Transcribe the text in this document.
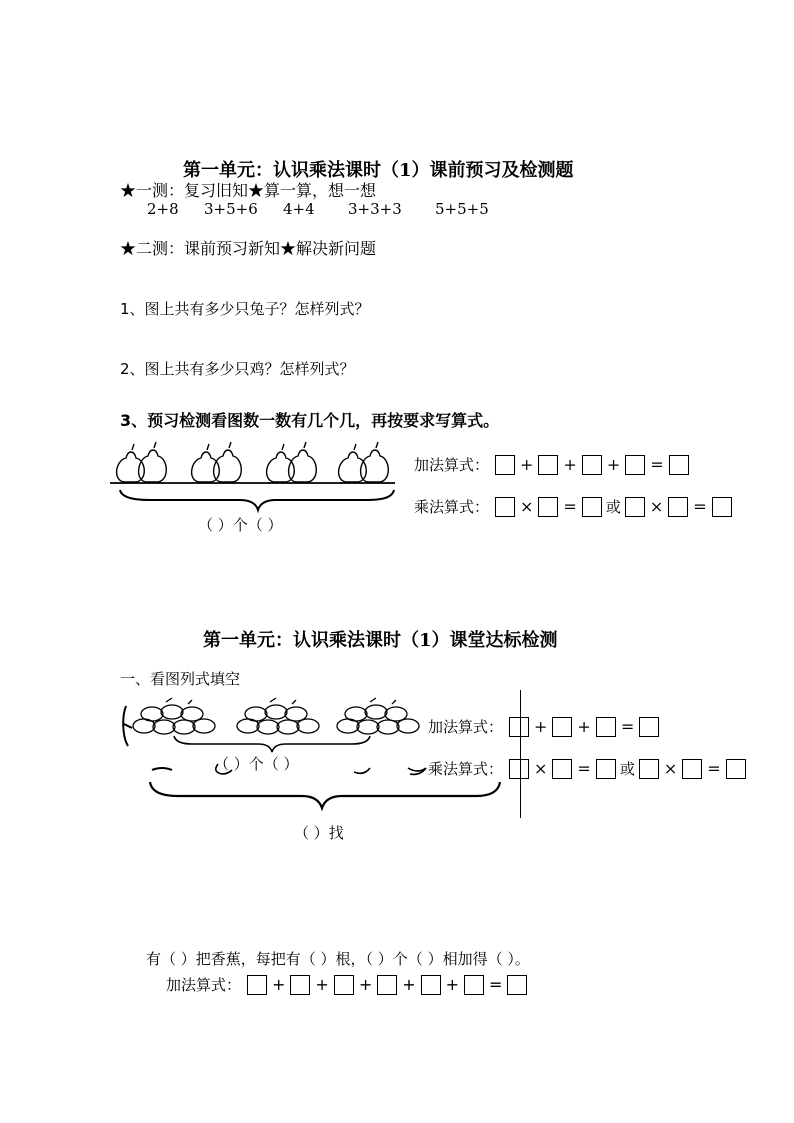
第一单元：认识乘法课时（1）课前预习及检测题
★一测：复习旧知★算一算，想一想
2+8 3+5+6 4+4 3+3+3 5+5+5
★二测：课前预习新知★解决新问题
1、图上共有多少只兔子？怎样列式？
2、图上共有多少只鸡？怎样列式？
3、预习检测看图数一数有几个几，再按要求写算式。
（ ）个（ ）
加法算式： + + + =
乘法算式： × = 或 × =
第一单元：认识乘法课时（1）课堂达标检测
一、看图列式填空
（ ）个（ ）
（ ）找
加法算式： + + =
乘法算式： × = 或 × =
有（ ）把香蕉，每把有（ ）根，（ ）个（ ）相加得（ ）。
加法算式： + + + + + =
